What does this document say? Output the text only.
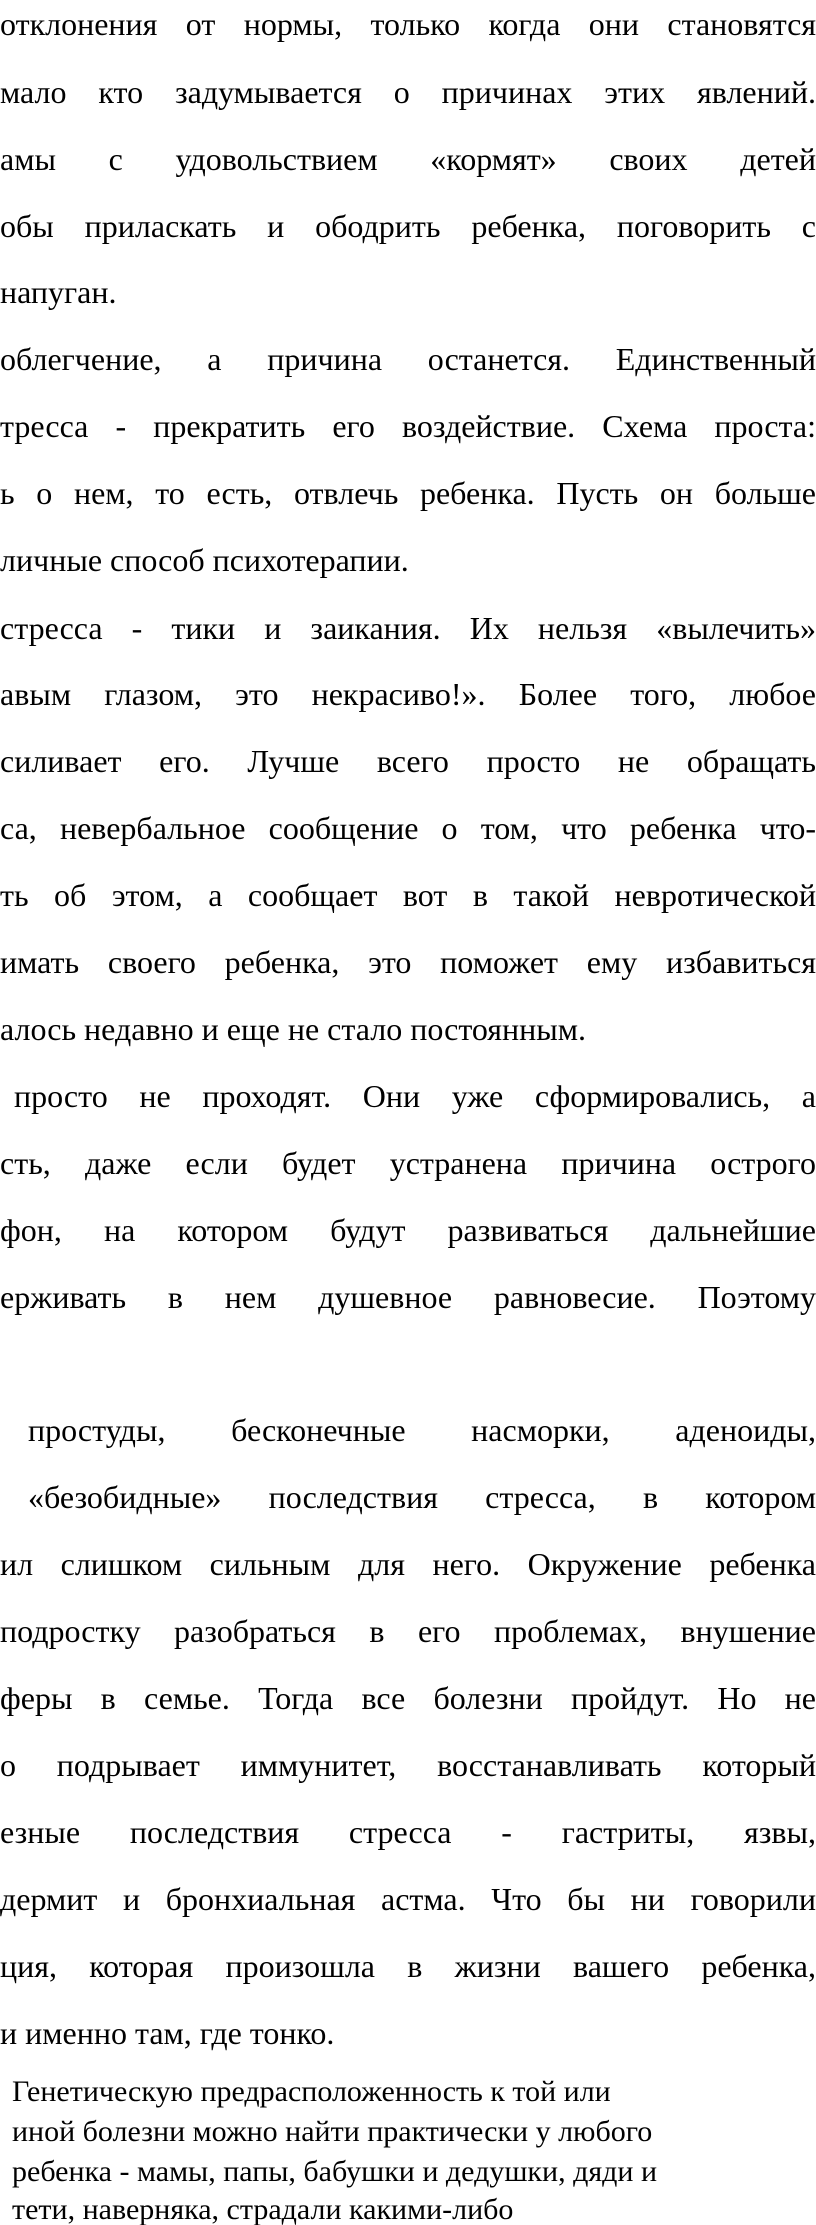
отклонения от нормы, только когда они становятся
мало кто задумывается о причинах этих явлений.
амы с удовольствием «кормят» своих детей
обы приласкать и ободрить ребенка, поговорить с
напуган.
облегчение, а причина останется. Единственный
тресса - прекратить его воздействие. Схема проста:
ь о нем, то есть, отвлечь ребенка. Пусть он больше
личные способ психотерапии.
стресса - тики и заикания. Их нельзя «вылечить»
авым глазом, это некрасиво!». Более того, любое
силивает его. Лучше всего просто не обращать
са, невербальное сообщение о том, что ребенка что-
ть об этом, а сообщает вот в такой невротической
имать своего ребенка, это поможет ему избавиться
алось недавно и еще не стало постоянным.
просто не проходят. Они уже сформировались, а
сть, даже если будет устранена причина острого
фон, на котором будут развиваться дальнейшие
ерживать в нем душевное равновесие. Поэтому
простуды, бесконечные насморки, аденоиды,
«безобидные» последствия стресса, в котором
ил слишком сильным для него. Окружение ребенка
подростку разобраться в его проблемах, внушение
феры в семье. Тогда все болезни пройдут. Но не
о подрывает иммунитет, восстанавливать который
езные последствия стресса - гастриты, язвы,
дермит и бронхиальная астма. Что бы ни говорили
ция, которая произошла в жизни вашего ребенка,
и именно там, где тонко.
Генетическую предрасположенность к той или
иной болезни можно найти практически у любого
ребенка - мамы, папы, бабушки и дедушки, дяди и
тети, наверняка, страдали какими-либо
